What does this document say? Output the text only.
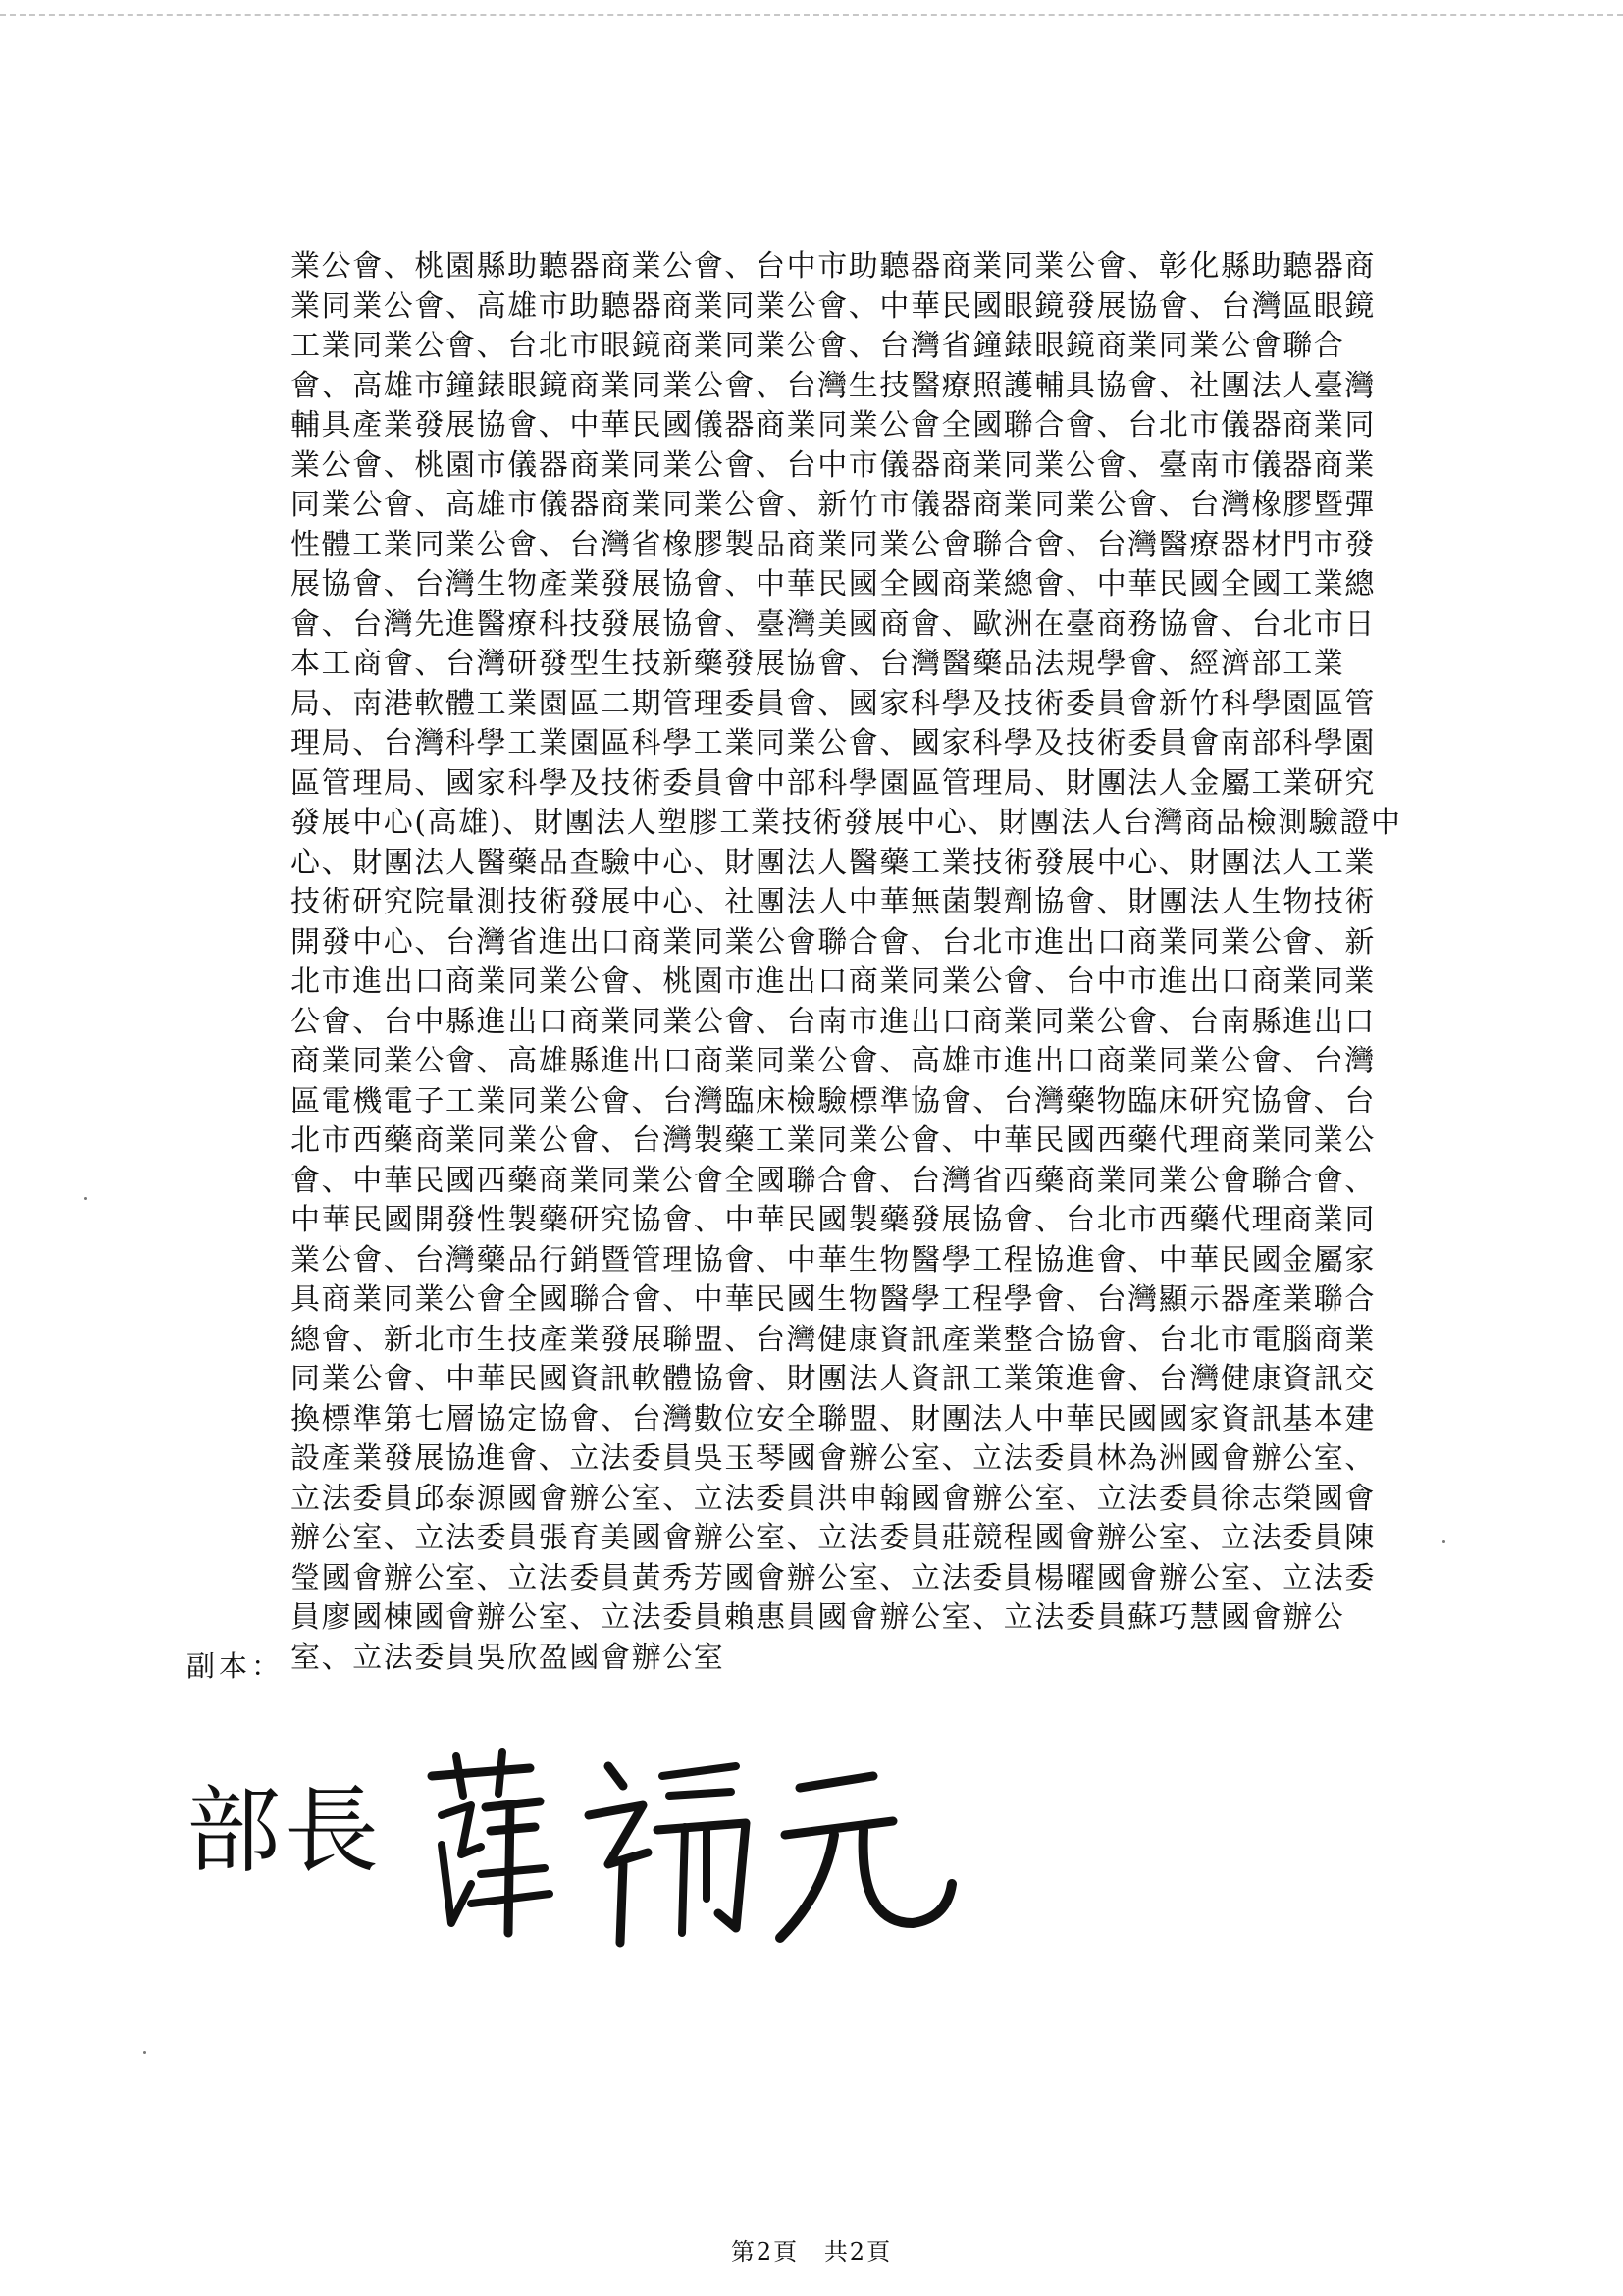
業公會、桃園縣助聽器商業公會、台中市助聽器商業同業公會、彰化縣助聽器商
業同業公會、高雄市助聽器商業同業公會、中華民國眼鏡發展協會、台灣區眼鏡
工業同業公會、台北市眼鏡商業同業公會、台灣省鐘錶眼鏡商業同業公會聯合
會、高雄市鐘錶眼鏡商業同業公會、台灣生技醫療照護輔具協會、社團法人臺灣
輔具產業發展協會、中華民國儀器商業同業公會全國聯合會、台北市儀器商業同
業公會、桃園市儀器商業同業公會、台中市儀器商業同業公會、臺南市儀器商業
同業公會、高雄市儀器商業同業公會、新竹市儀器商業同業公會、台灣橡膠暨彈
性體工業同業公會、台灣省橡膠製品商業同業公會聯合會、台灣醫療器材門市發
展協會、台灣生物產業發展協會、中華民國全國商業總會、中華民國全國工業總
會、台灣先進醫療科技發展協會、臺灣美國商會、歐洲在臺商務協會、台北市日
本工商會、台灣研發型生技新藥發展協會、台灣醫藥品法規學會、經濟部工業
局、南港軟體工業園區二期管理委員會、國家科學及技術委員會新竹科學園區管
理局、台灣科學工業園區科學工業同業公會、國家科學及技術委員會南部科學園
區管理局、國家科學及技術委員會中部科學園區管理局、財團法人金屬工業研究
發展中心(高雄)、財團法人塑膠工業技術發展中心、財團法人台灣商品檢測驗證中
心、財團法人醫藥品查驗中心、財團法人醫藥工業技術發展中心、財團法人工業
技術研究院量測技術發展中心、社團法人中華無菌製劑協會、財團法人生物技術
開發中心、台灣省進出口商業同業公會聯合會、台北市進出口商業同業公會、新
北市進出口商業同業公會、桃園市進出口商業同業公會、台中市進出口商業同業
公會、台中縣進出口商業同業公會、台南市進出口商業同業公會、台南縣進出口
商業同業公會、高雄縣進出口商業同業公會、高雄市進出口商業同業公會、台灣
區電機電子工業同業公會、台灣臨床檢驗標準協會、台灣藥物臨床研究協會、台
北市西藥商業同業公會、台灣製藥工業同業公會、中華民國西藥代理商業同業公
會、中華民國西藥商業同業公會全國聯合會、台灣省西藥商業同業公會聯合會、
中華民國開發性製藥研究協會、中華民國製藥發展協會、台北市西藥代理商業同
業公會、台灣藥品行銷暨管理協會、中華生物醫學工程協進會、中華民國金屬家
具商業同業公會全國聯合會、中華民國生物醫學工程學會、台灣顯示器產業聯合
總會、新北市生技產業發展聯盟、台灣健康資訊產業整合協會、台北市電腦商業
同業公會、中華民國資訊軟體協會、財團法人資訊工業策進會、台灣健康資訊交
換標準第七層協定協會、台灣數位安全聯盟、財團法人中華民國國家資訊基本建
設產業發展協進會、立法委員吳玉琴國會辦公室、立法委員林為洲國會辦公室、
立法委員邱泰源國會辦公室、立法委員洪申翰國會辦公室、立法委員徐志榮國會
辦公室、立法委員張育美國會辦公室、立法委員莊競程國會辦公室、立法委員陳
瑩國會辦公室、立法委員黃秀芳國會辦公室、立法委員楊曜國會辦公室、立法委
員廖國棟國會辦公室、立法委員賴惠員國會辦公室、立法委員蘇巧慧國會辦公
室、立法委員吳欣盈國會辦公室
副本：
部長
第2頁 共2頁
